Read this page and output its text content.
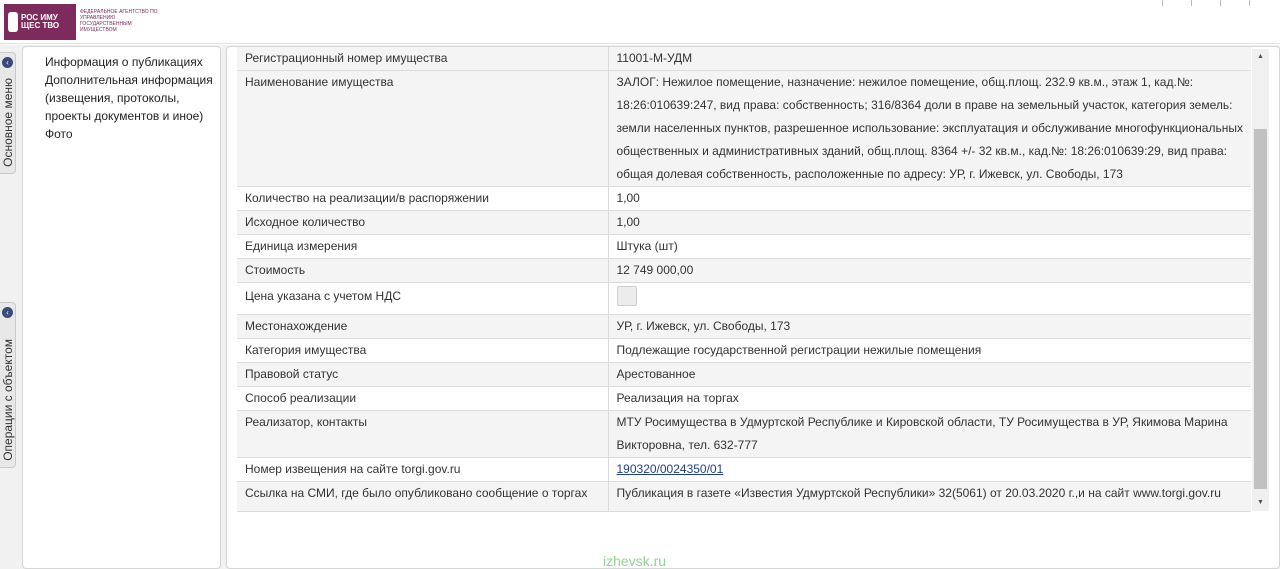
РОС ИМУ ЩЕС ТВО
ФЕДЕРАЛЬНОЕ АГЕНТСТВО ПО УПРАВЛЕНИЮ ГОСУДАРСТВЕННЫМ ИМУЩЕСТВОМ
‹
Основное меню
‹
Операции с объектом
Информация о публикациях
Дополнительная информация (извещения, протоколы, проекты документов и иное)
Фото
Регистрационный номер имущества	11001-М-УДМ
Наименование имущества	ЗАЛОГ: Нежилое помещение, назначение: нежилое помещение, общ.площ. 232.9 кв.м., этаж 1, кад.№: 18:26:010639:247, вид права: собственность; 316/8364 доли в праве на земельный участок, категория земель: земли населенных пунктов, разрешенное использование: эксплуатация и обслуживание многофункциональных общественных и административных зданий, общ.площ. 8364 +/- 32 кв.м., кад.№: 18:26:010639:29, вид права: общая долевая собственность, расположенные по адресу: УР, г. Ижевск, ул. Свободы, 173
Количество на реализации/в распоряжении	1,00
Исходное количество	1,00
Единица измерения	Штука (шт)
Стоимость	12 749 000,00
Цена указана с учетом НДС	
Местонахождение	УР, г. Ижевск, ул. Свободы, 173
Категория имущества	Подлежащие государственной регистрации нежилые помещения
Правовой статус	Арестованное
Способ реализации	Реализация на торгах
Реализатор, контакты	МТУ Росимущества в Удмуртской Республике и Кировской области, ТУ Росимущества в УР, Якимова Марина Викторовна, тел. 632-777
Номер извещения на сайте torgi.gov.ru	190320/0024350/01
Ссылка на СМИ, где было опубликовано сообщение о торгах	Публикация в газете «Известия Удмуртской Республики» 32(5061) от 20.03.2020 г.,и на сайт www.torgi.gov.ru
▲
▼
izhevsk.ru
